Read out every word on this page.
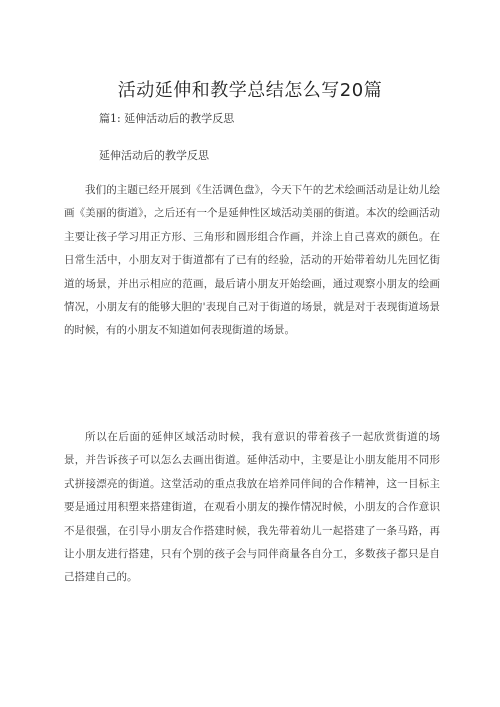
活动延伸和教学总结怎么写20篇
篇1: 延伸活动后的教学反思
延伸活动后的教学反思

我们的主题已经开展到《生活调色盘》，今天下午的艺术绘画活动是让幼儿绘画《美丽的街道》，之后还有一个是延伸性区域活动美丽的街道。本次的绘画活动主要让孩子学习用正方形、三角形和圆形组合作画，并涂上自己喜欢的颜色。在日常生活中，小朋友对于街道都有了已有的经验，活动的开始带着幼儿先回忆街道的场景，并出示相应的范画，最后请小朋友开始绘画，通过观察小朋友的绘画情况，小朋友有的能够大胆的'表现自己对于街道的场景，就是对于表现街道场景的时候，有的小朋友不知道如何表现街道的场景。

所以在后面的延伸区域活动时候，我有意识的带着孩子一起欣赏街道的场景，并告诉孩子可以怎么去画出街道。延伸活动中，主要是让小朋友能用不同形式拼接漂亮的街道。这堂活动的重点我放在培养同伴间的合作精神，这一目标主要是通过用积塑来搭建街道，在观看小朋友的操作情况时候，小朋友的合作意识不是很强，在引导小朋友合作搭建时候，我先带着幼儿一起搭建了一条马路，再让小朋友进行搭建，只有个别的孩子会与同伴商量各自分工，多数孩子都只是自己搭建自己的。
